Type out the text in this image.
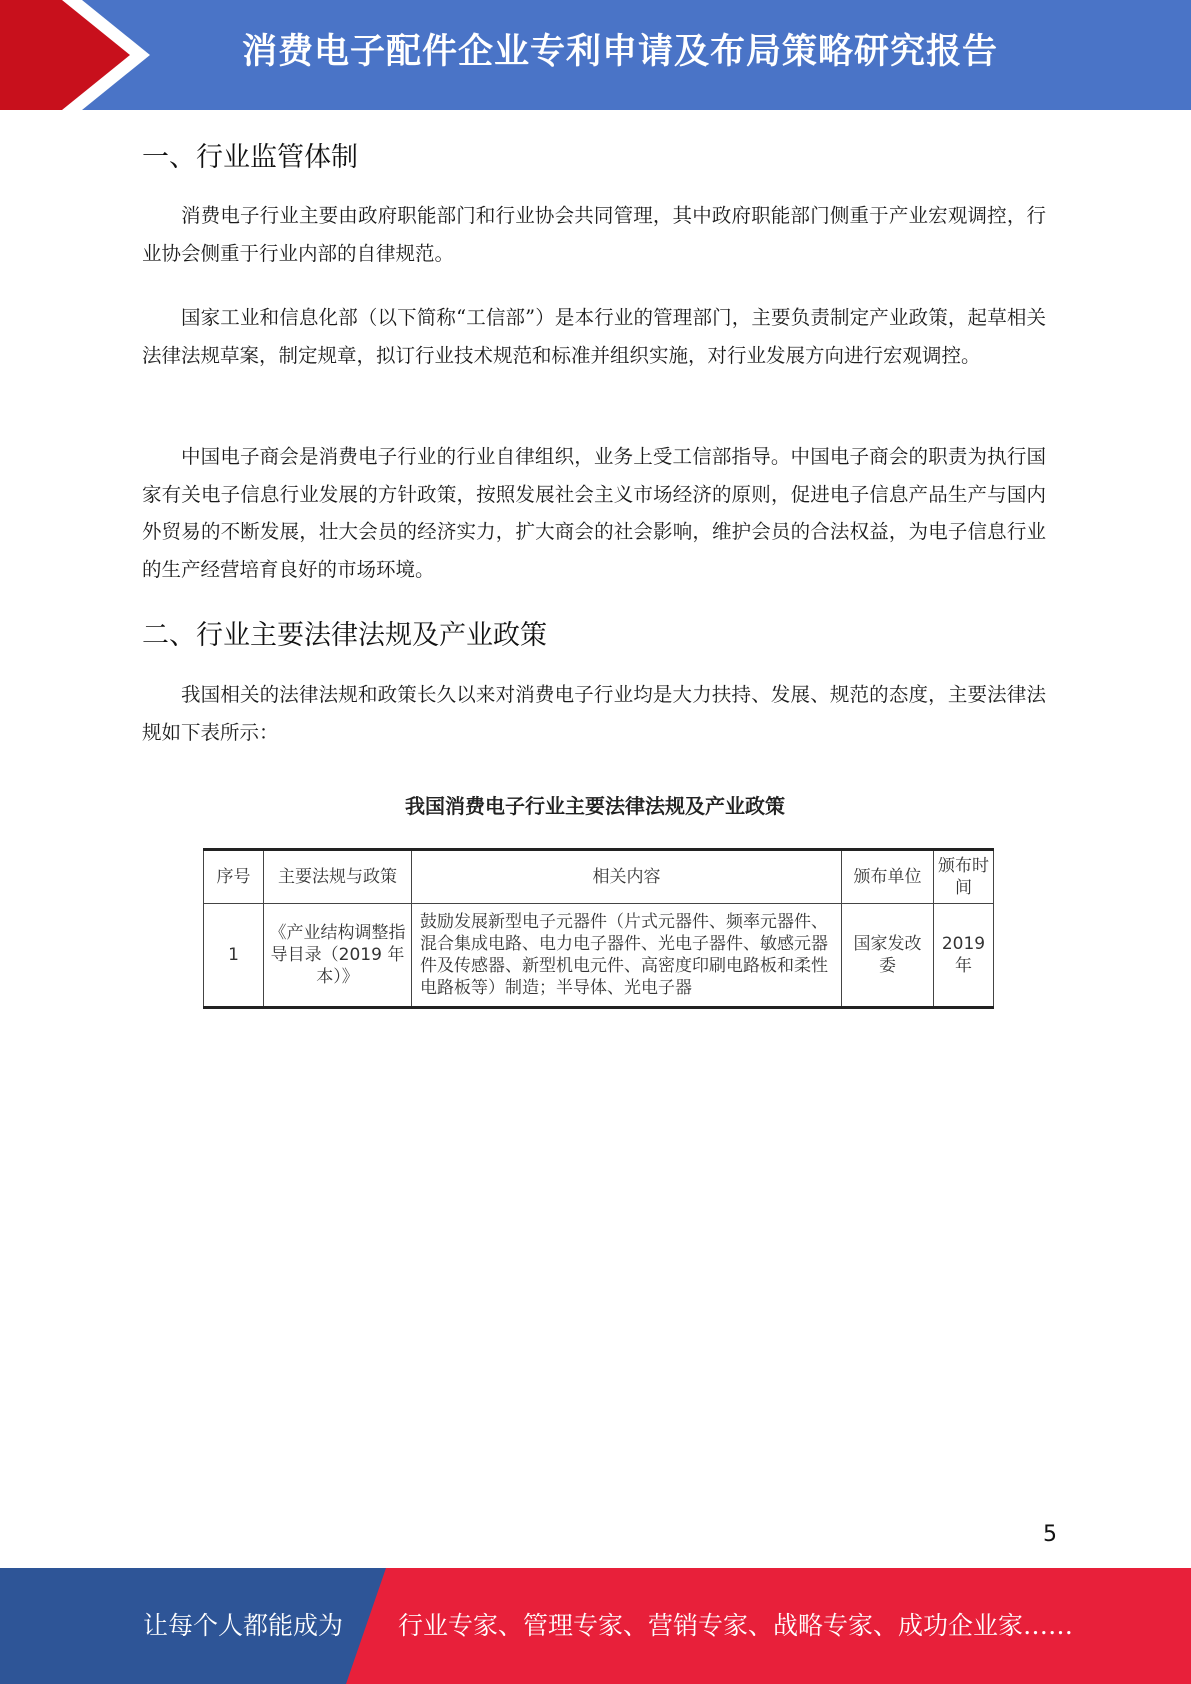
消费电子配件企业专利申请及布局策略研究报告
一、行业监管体制

消费电子行业主要由政府职能部门和行业协会共同管理，其中政府职能部门侧重于产业宏观调控，行业协会侧重于行业内部的自律规范。

国家工业和信息化部（以下简称“工信部”）是本行业的管理部门，主要负责制定产业政策，起草相关法律法规草案，制定规章，拟订行业技术规范和标准并组织实施，对行业发展方向进行宏观调控。

中国电子商会是消费电子行业的行业自律组织，业务上受工信部指导。中国电子商会的职责为执行国家有关电子信息行业发展的方针政策，按照发展社会主义市场经济的原则，促进电子信息产品生产与国内外贸易的不断发展，壮大会员的经济实力，扩大商会的社会影响，维护会员的合法权益，为电子信息行业的生产经营培育良好的市场环境。

二、行业主要法律法规及产业政策

我国相关的法律法规和政策长久以来对消费电子行业均是大力扶持、发展、规范的态度，主要法律法规如下表所示：

我国消费电子行业主要法律法规及产业政策
序号	主要法规与政策	相关内容	颁布单位	颁布时间
1	《产业结构调整指导目录（2019 年本）》	鼓励发展新型电子元器件（片式元器件、频率元器件、混合集成电路、电力电子器件、光电子器件、敏感元器件及传感器、新型机电元件、高密度印刷电路板和柔性电路板等）制造；半导体、光电子器	国家发改委	2019 年
5
让每个人都能成为 行业专家、管理专家、营销专家、战略专家、成功企业家……
